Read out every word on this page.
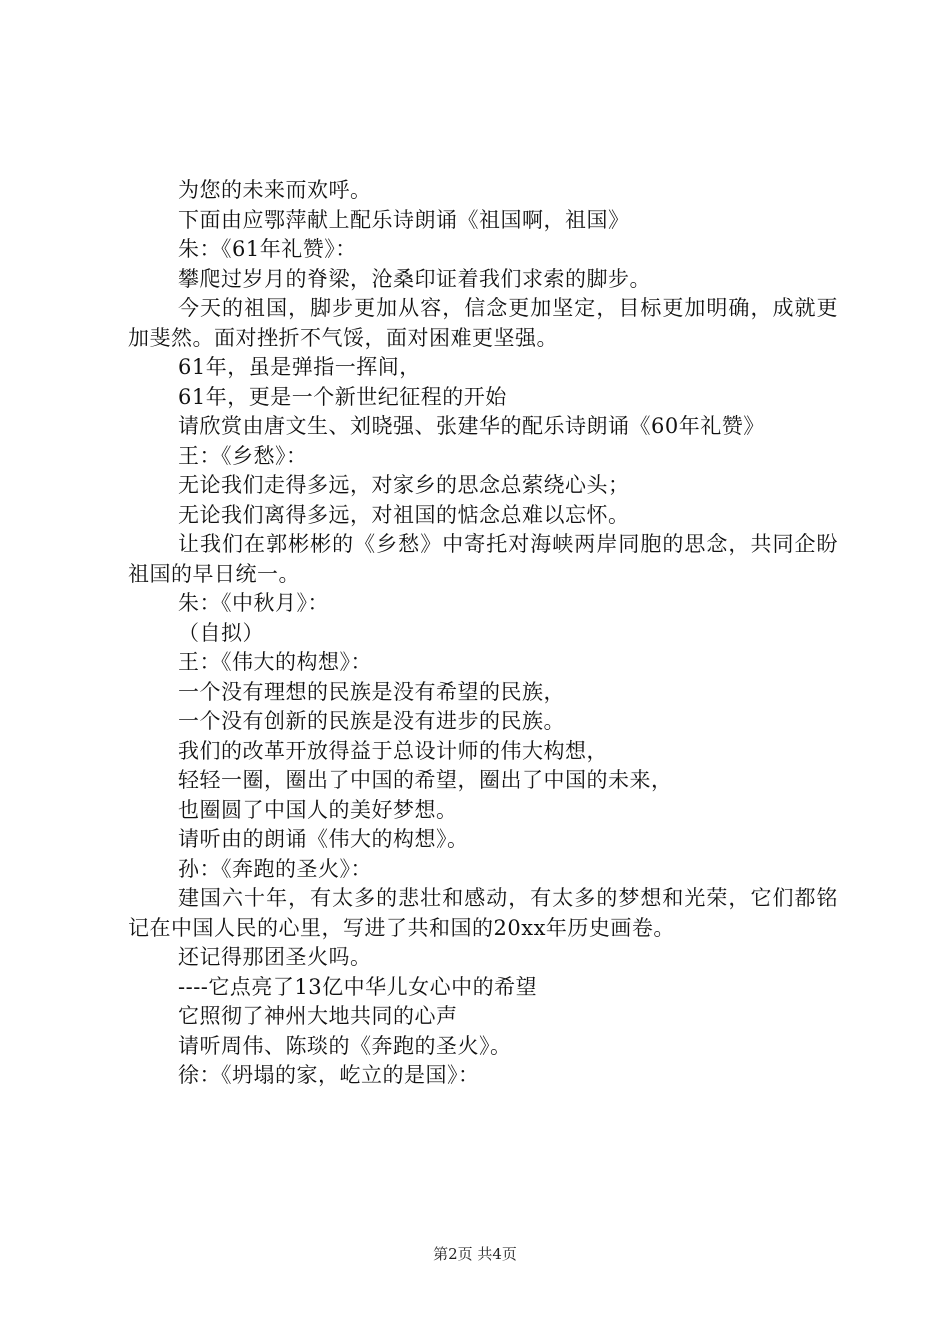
为您的未来而欢呼。

下面由应鄂萍献上配乐诗朗诵《祖国啊，祖国》

朱：《61年礼赞》：

攀爬过岁月的脊梁，沧桑印证着我们求索的脚步。

今天的祖国，脚步更加从容，信念更加坚定，目标更加明确，成就更加斐然。面对挫折不气馁，面对困难更坚强。

61年，虽是弹指一挥间，

61年，更是一个新世纪征程的开始

请欣赏由唐文生、刘晓强、张建华的配乐诗朗诵《60年礼赞》

王：《乡愁》：

无论我们走得多远，对家乡的思念总萦绕心头；

无论我们离得多远，对祖国的惦念总难以忘怀。

让我们在郭彬彬的《乡愁》中寄托对海峡两岸同胞的思念，共同企盼祖国的早日统一。

朱：《中秋月》：

（自拟）

王：《伟大的构想》：

一个没有理想的民族是没有希望的民族，

一个没有创新的民族是没有进步的民族。

我们的改革开放得益于总设计师的伟大构想，

轻轻一圈，圈出了中国的希望，圈出了中国的未来，

也圈圆了中国人的美好梦想。

请听由的朗诵《伟大的构想》。

孙：《奔跑的圣火》：

建国六十年，有太多的悲壮和感动，有太多的梦想和光荣，它们都铭记在中国人民的心里，写进了共和国的20xx年历史画卷。

还记得那团圣火吗。

----它点亮了13亿中华儿女心中的希望

它照彻了神州大地共同的心声

请听周伟、陈琰的《奔跑的圣火》。

徐：《坍塌的家，屹立的是国》：

第2页 共4页
